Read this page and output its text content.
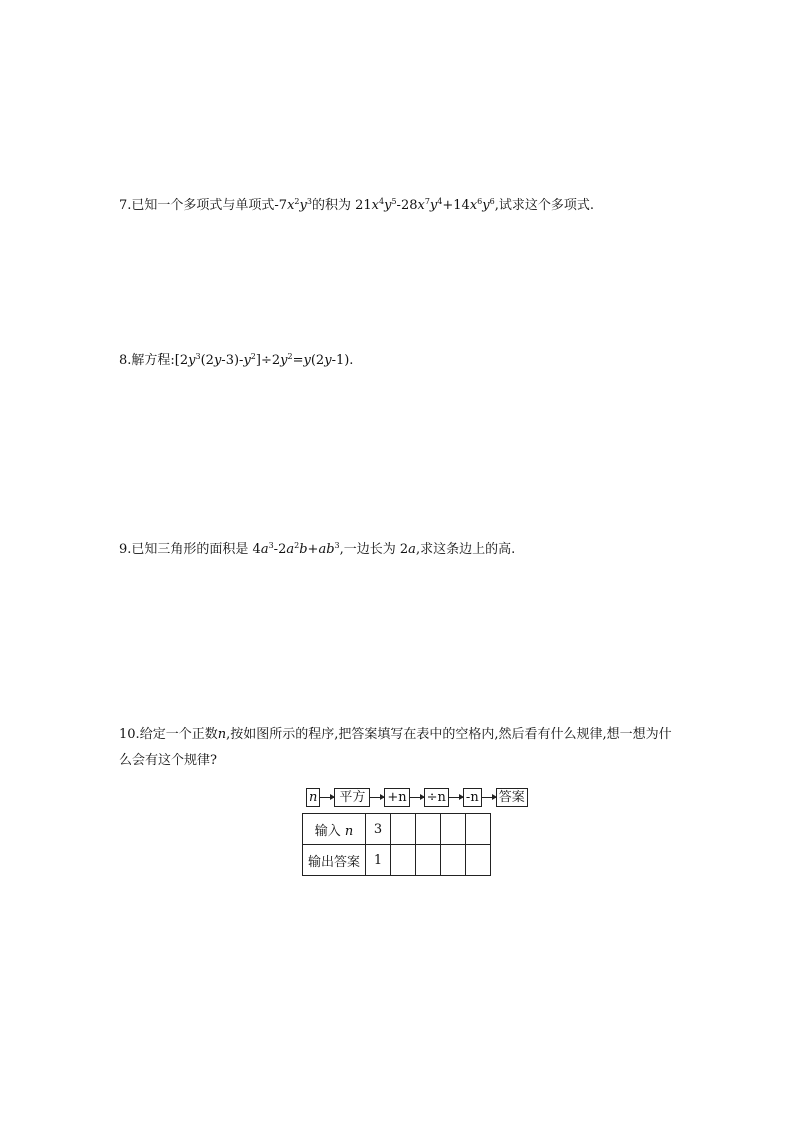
7.已知一个多项式与单项式$-7x^2y^3$的积为 $21x^4y^5-28x^7y^4+14x^6y^6$,试求这个多项式.
8.解方程$:[2y^3(2y-3)-y^2]\div 2y^2=y(2y-1)$.
9.已知三角形的面积是 $4a^3-2a^2b+ab^3$,一边长为 2a,求这条边上的高.
10.给定一个正数n,按如图所示的程序,把答案填写在表中的空格内,然后看有什么规律,想一想为什么会有这个规律?
n	平方	+n ÷n -n 答案
输入 n	3				
输出答案	1				
